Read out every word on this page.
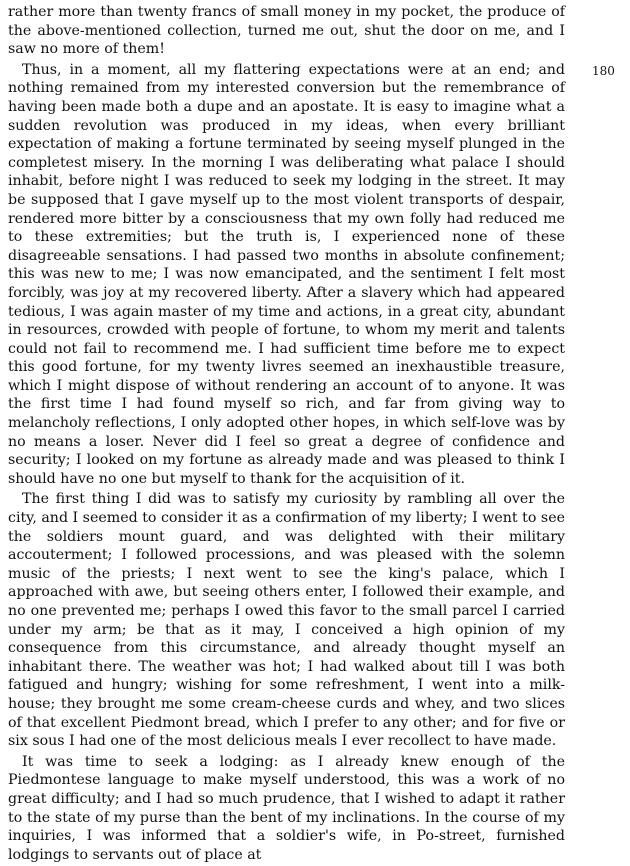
rather more than twenty francs of small money in my pocket, the produce of the above-mentioned collection, turned me out, shut the door on me, and I saw no more of them!

Thus, in a moment, all my flattering expectations were at an end; and nothing remained from my interested conversion but the remembrance of having been made both a dupe and an apostate. It is easy to imagine what a sudden revolution was produced in my ideas, when every brilliant expectation of making a fortune terminated by seeing myself plunged in the completest misery. In the morning I was deliberating what palace I should inhabit, before night I was reduced to seek my lodging in the street. It may be supposed that I gave myself up to the most violent transports of despair, rendered more bitter by a consciousness that my own folly had reduced me to these extremities; but the truth is, I experienced none of these disagreeable sensations. I had passed two months in absolute confinement; this was new to me; I was now emancipated, and the sentiment I felt most forcibly, was joy at my recovered liberty. After a slavery which had appeared tedious, I was again master of my time and actions, in a great city, abundant in resources, crowded with people of fortune, to whom my merit and talents could not fail to recommend me. I had sufficient time before me to expect this good fortune, for my twenty livres seemed an inexhaustible treasure, which I might dispose of without rendering an account of to anyone. It was the first time I had found myself so rich, and far from giving way to melancholy reflections, I only adopted other hopes, in which self-love was by no means a loser. Never did I feel so great a degree of confidence and security; I looked on my fortune as already made and was pleased to think I should have no one but myself to thank for the acquisition of it.

The first thing I did was to satisfy my curiosity by rambling all over the city, and I seemed to consider it as a confirmation of my liberty; I went to see the soldiers mount guard, and was delighted with their military accouterment; I followed processions, and was pleased with the solemn music of the priests; I next went to see the king's palace, which I approached with awe, but seeing others enter, I followed their example, and no one prevented me; perhaps I owed this favor to the small parcel I carried under my arm; be that as it may, I conceived a high opinion of my consequence from this circumstance, and already thought myself an inhabitant there. The weather was hot; I had walked about till I was both fatigued and hungry; wishing for some refreshment, I went into a milk-house; they brought me some cream-cheese curds and whey, and two slices of that excellent Piedmont bread, which I prefer to any other; and for five or six sous I had one of the most delicious meals I ever recollect to have made.

It was time to seek a lodging: as I already knew enough of the Piedmontese language to make myself understood, this was a work of no great difficulty; and I had so much prudence, that I wished to adapt it rather to the state of my purse than the bent of my inclinations. In the course of my inquiries, I was informed that a soldier's wife, in Po-street, furnished lodgings to servants out of place at

180
